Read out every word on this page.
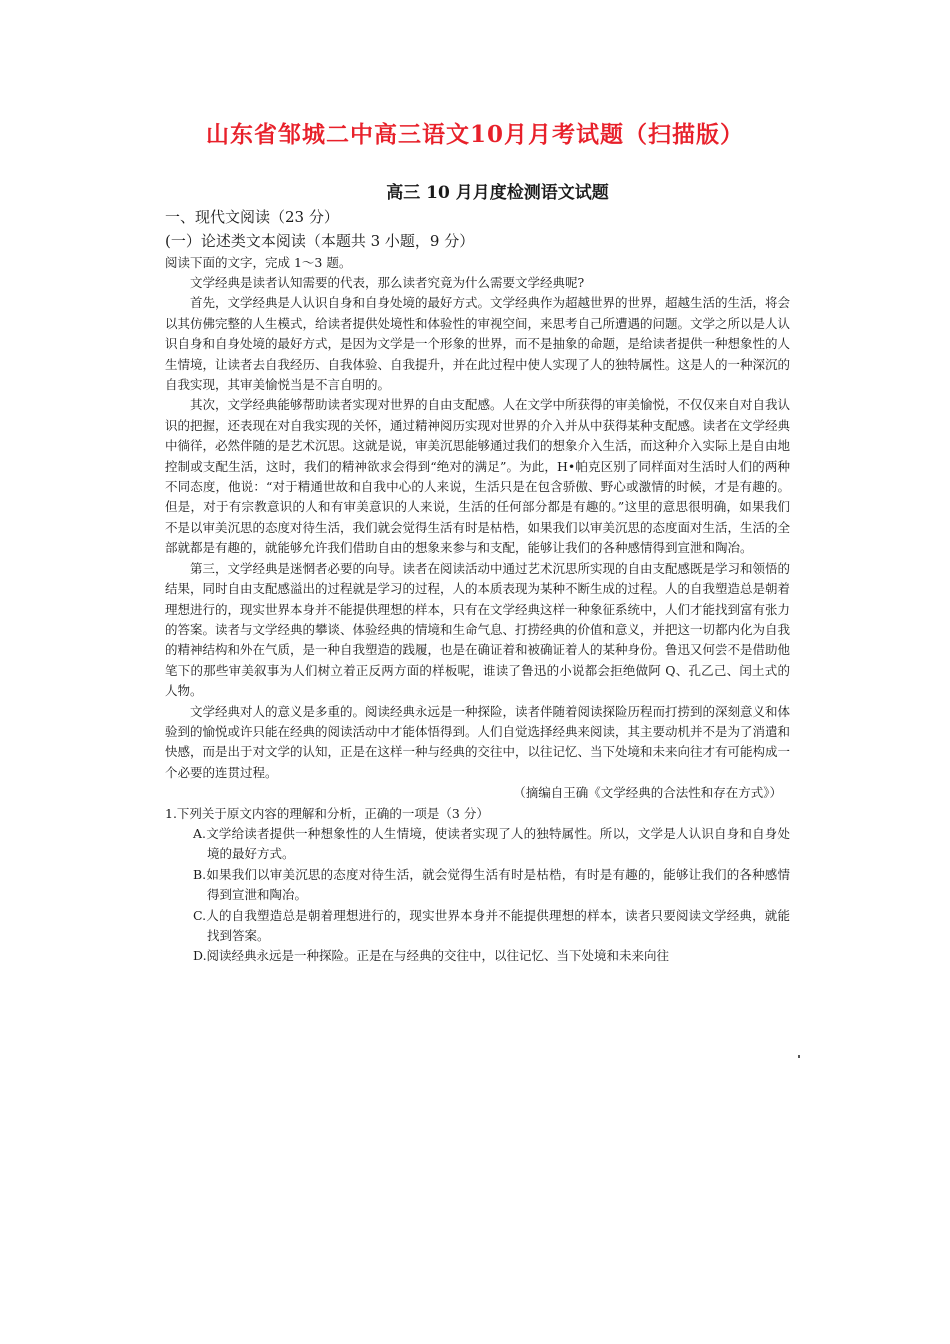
山东省邹城二中高三语文10月月考试题（扫描版）
高三 10 月月度检测语文试题
一、现代文阅读（23 分）
(一）论述类文本阅读（本题共 3 小题，9 分）
阅读下面的文字，完成 1～3 题。

文学经典是读者认知需要的代表，那么读者究竟为什么需要文学经典呢?

首先，文学经典是人认识自身和自身处境的最好方式。文学经典作为超越世界的世界，超越生活的生活，将会以其仿佛完整的人生模式，给读者提供处境性和体验性的审视空间，来思考自己所遭遇的问题。文学之所以是人认识自身和自身处境的最好方式，是因为文学是一个形象的世界，而不是抽象的命题，是给读者提供一种想象性的人生情境，让读者去自我经历、自我体验、自我提升，并在此过程中使人实现了人的独特属性。这是人的一种深沉的自我实现，其审美愉悦当是不言自明的。

其次，文学经典能够帮助读者实现对世界的自由支配感。人在文学中所获得的审美愉悦，不仅仅来自对自我认识的把握，还表现在对自我实现的关怀，通过精神阅历实现对世界的介入并从中获得某种支配感。读者在文学经典中徜徉，必然伴随的是艺术沉思。这就是说，审美沉思能够通过我们的想象介入生活，而这种介入实际上是自由地控制或支配生活，这时，我们的精神欲求会得到“绝对的满足”。为此，H•帕克区别了同样面对生活时人们的两种不同态度，他说：“对于精通世故和自我中心的人来说，生活只是在包含骄傲、野心或激情的时候，才是有趣的。但是，对于有宗教意识的人和有审美意识的人来说，生活的任何部分都是有趣的。”这里的意思很明确，如果我们不是以审美沉思的态度对待生活，我们就会觉得生活有时是枯梏，如果我们以审美沉思的态度面对生活，生活的全部就都是有趣的，就能够允许我们借助自由的想象来参与和支配，能够让我们的各种感情得到宣泄和陶冶。

第三，文学经典是迷惘者必要的向导。读者在阅读活动中通过艺术沉思所实现的自由支配感既是学习和领悟的结果，同时自由支配感溢出的过程就是学习的过程，人的本质表现为某种不断生成的过程。人的自我塑造总是朝着理想进行的，现实世界本身并不能提供理想的样本，只有在文学经典这样一种象征系统中，人们才能找到富有张力的答案。读者与文学经典的攀谈、体验经典的情境和生命气息、打捞经典的价值和意义，并把这一切都内化为自我的精神结构和外在气质，是一种自我塑造的践履，也是在确证着和被确证着人的某种身份。鲁迅又何尝不是借助他笔下的那些审美叙事为人们树立着正反两方面的样板呢，谁读了鲁迅的小说都会拒绝做阿 Q、孔乙己、闰土式的人物。

文学经典对人的意义是多重的。阅读经典永远是一种探险，读者伴随着阅读探险历程而打捞到的深刻意义和体验到的愉悦或许只能在经典的阅读活动中才能体悟得到。人们自觉选择经典来阅读，其主要动机并不是为了消遣和快感，而是出于对文学的认知，正是在这样一种与经典的交往中，以往记忆、当下处境和未来向往才有可能构成一个必要的连贯过程。

（摘编自王确《文学经典的合法性和存在方式》）

1.下列关于原文内容的理解和分析，正确的一项是（3 分）

A.文学给读者提供一种想象性的人生情境，使读者实现了人的独特属性。所以，文学是人认识自身和自身处境的最好方式。

B.如果我们以审美沉思的态度对待生活，就会觉得生活有时是枯梏，有时是有趣的，能够让我们的各种感情得到宣泄和陶冶。

C.人的自我塑造总是朝着理想进行的，现实世界本身并不能提供理想的样本，读者只要阅读文学经典，就能找到答案。

D.阅读经典永远是一种探险。正是在与经典的交往中，以往记忆、当下处境和未来向往
